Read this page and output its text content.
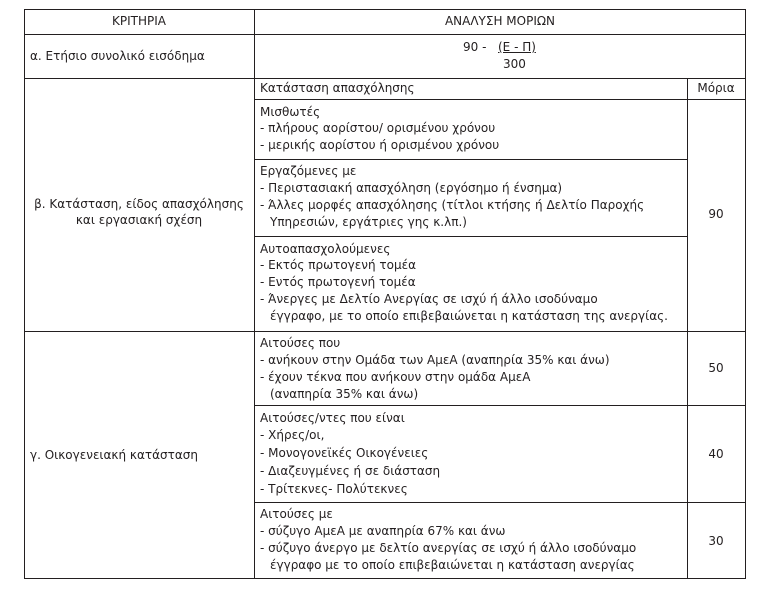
ΚΡΙΤΗΡΙΑ	ΑΝΑΛΥΣΗ ΜΟΡΙΩΝ
α. Ετήσιο συνολικό εισόδημα
90 - (Ε - Π)
300
β. Κατάσταση, είδος απασχόλησης
και εργασιακή σχέση
Κατάσταση απασχόλησης	Μόρια
Μισθωτές
- πλήρους αορίστου/ ορισμένου χρόνου
- μερικής αορίστου ή ορισμένου χρόνου
Εργαζόμενες με
- Περιστασιακή απασχόληση (εργόσημο ή ένσημα)
- Άλλες μορφές απασχόλησης (τίτλοι κτήσης ή Δελτίο Παροχής
Υπηρεσιών, εργάτριες γης κ.λπ.)
Αυτοαπασχολούμενες
- Εκτός πρωτογενή τομέα
- Εντός πρωτογενή τομέα
- Άνεργες με Δελτίο Ανεργίας σε ισχύ ή άλλο ισοδύναμο
έγγραφο, με το οποίο επιβεβαιώνεται η κατάσταση της ανεργίας.
90
γ. Οικογενειακή κατάσταση
Αιτούσες που
- ανήκουν στην Ομάδα των ΑμεΑ (αναπηρία 35% και άνω)
- έχουν τέκνα που ανήκουν στην ομάδα ΑμεΑ
(αναπηρία 35% και άνω)
50
Αιτούσες/ντες που είναι
- Χήρες/οι,
- Μονογονεϊκές Οικογένειες
- Διαζευγμένες ή σε διάσταση
- Τρίτεκνες- Πολύτεκνες
40
Αιτούσες με
- σύζυγο ΑμεΑ με αναπηρία 67% και άνω
- σύζυγο άνεργο με δελτίο ανεργίας σε ισχύ ή άλλο ισοδύναμο
έγγραφο με το οποίο επιβεβαιώνεται η κατάσταση ανεργίας
30
